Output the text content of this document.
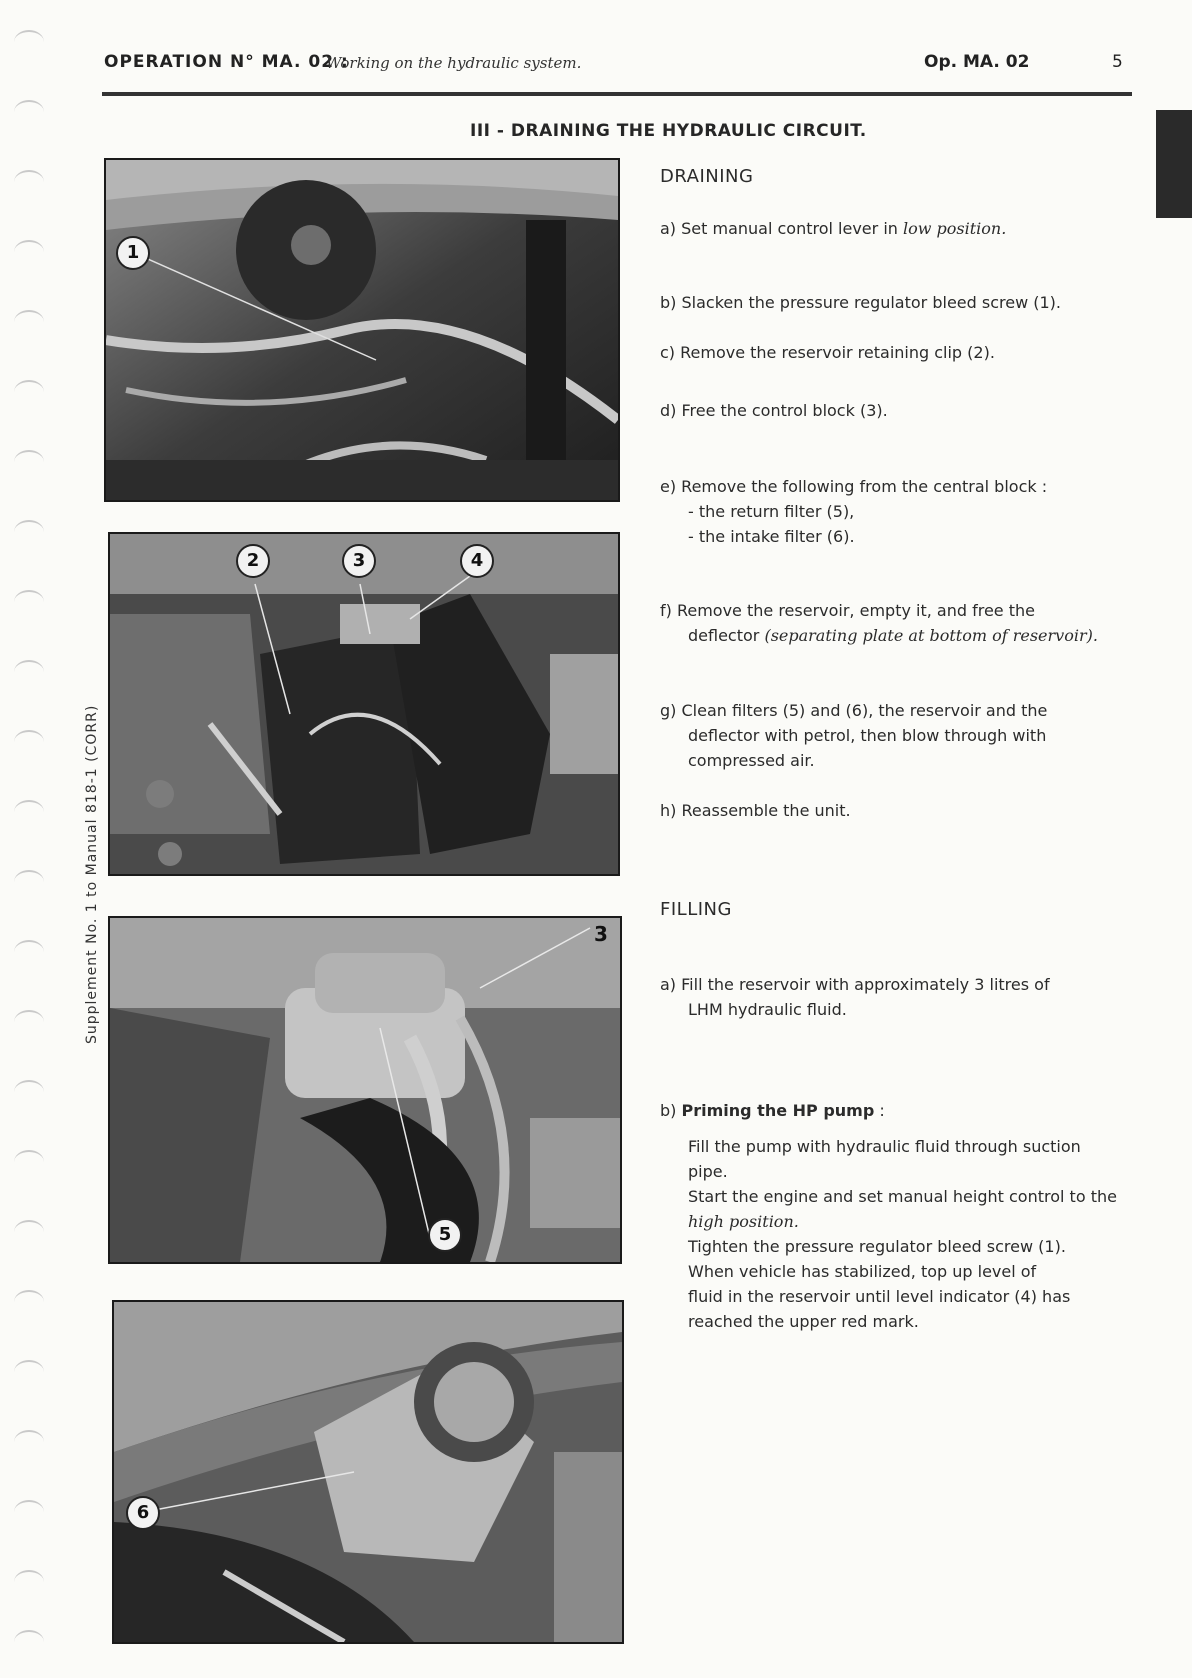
OPERATION N° MA. 02 :
Working on the hydraulic system.	Op. MA. 02	5
III - DRAINING THE HYDRAULIC CIRCUIT.
Supplement No. 1 to Manual 818-1 (CORR)
1
2	3	4
3
5
6
DRAINING
a) Set manual control lever in low position.
b) Slacken the pressure regulator bleed screw (1).
c) Remove the reservoir retaining clip (2).
d) Free the control block (3).
e) Remove the following from the central block :
- the return filter (5),
- the intake filter (6).
f) Remove the reservoir, empty it, and free the
deflector (separating plate at bottom of reservoir).
g) Clean filters (5) and (6), the reservoir and the
deflector with petrol, then blow through with
compressed air.
h) Reassemble the unit.
FILLING
a) Fill the reservoir with approximately 3 litres of
LHM hydraulic fluid.
b) Priming the HP pump :
Fill the pump with hydraulic fluid through suction
pipe.
Start the engine and set manual height control to the
high position.
Tighten the pressure regulator bleed screw (1).
When vehicle has stabilized, top up level of
fluid in the reservoir until level indicator (4) has
reached the upper red mark.
